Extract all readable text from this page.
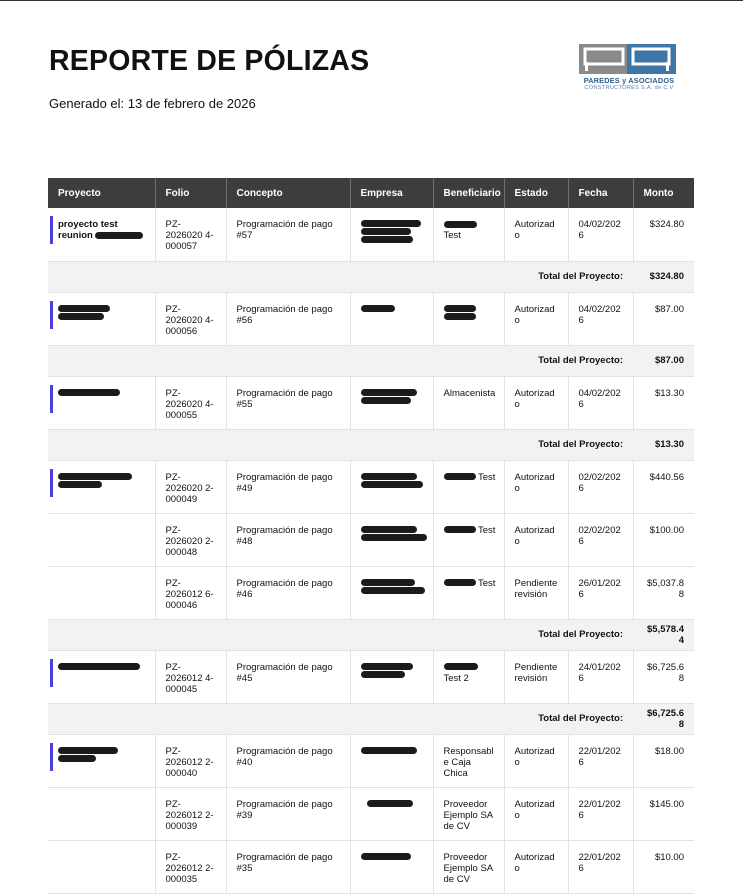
REPORTE DE PÓLIZAS
Generado el: 13 de febrero de 2026
PAREDES y ASOCIADOS
CONSTRUCTORES S.A. de C.V
Proyecto	Folio	Concepto	Empresa	Beneficiario	Estado	Fecha	Monto
proyecto test reunion	PZ-2026020 4-000057	Programación de pago #57		Test	Autorizado	04/02/2026	$324.80
Total del Proyecto:							$324.80

	PZ-2026020 4-000056	Programación de pago #56			Autorizado	04/02/2026	$87.00
Total del Proyecto:							$87.00

	PZ-2026020 4-000055	Programación de pago #55		Almacenista	Autorizado	04/02/2026	$13.30
Total del Proyecto:							$13.30

	PZ-2026020 2-000049	Programación de pago #49		Test	Autorizado	02/02/2026	$440.56
	PZ-2026020 2-000048	Programación de pago #48		Test	Autorizado	02/02/2026	$100.00
	PZ-2026012 6-000046	Programación de pago #46		Test	Pendiente revisión	26/01/2026	$5,037.88
Total del Proyecto:							$5,578.44

	PZ-2026012 4-000045	Programación de pago #45		Test 2	Pendiente revisión	24/01/2026	$6,725.68
Total del Proyecto:							$6,725.68

	PZ-2026012 2-000040	Programación de pago #40		Responsable Caja Chica	Autorizado	22/01/2026	$18.00
	PZ-2026012 2-000039	Programación de pago #39		Proveedor Ejemplo SA de CV	Autorizado	22/01/2026	$145.00
	PZ-2026012 2-000035	Programación de pago #35		Proveedor Ejemplo SA de CV	Autorizado	22/01/2026	$10.00
